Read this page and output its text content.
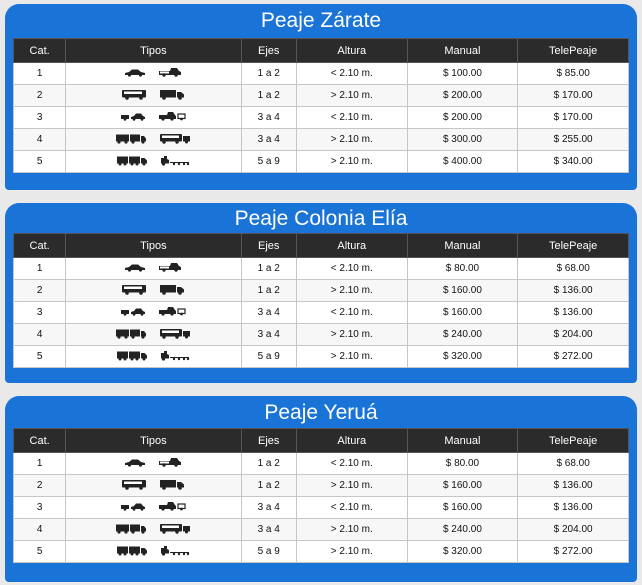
Peaje Zárate
Cat.	Tipos	Ejes	Altura	Manual	TelePeaje
1		1 a 2	< 2.10 m.	$ 100.00	$ 85.00
2		1 a 2	> 2.10 m.	$ 200.00	$ 170.00
3		3 a 4	< 2.10 m.	$ 200.00	$ 170.00
4		3 a 4	> 2.10 m.	$ 300.00	$ 255.00
5		5 a 9	> 2.10 m.	$ 400.00	$ 340.00
Peaje Colonia Elía
Cat.	Tipos	Ejes	Altura	Manual	TelePeaje
1		1 a 2	< 2.10 m.	$ 80.00	$ 68.00
2		1 a 2	> 2.10 m.	$ 160.00	$ 136.00
3		3 a 4	< 2.10 m.	$ 160.00	$ 136.00
4		3 a 4	> 2.10 m.	$ 240.00	$ 204.00
5		5 a 9	> 2.10 m.	$ 320.00	$ 272.00
Peaje Yeruá
Cat.	Tipos	Ejes	Altura	Manual	TelePeaje
1		1 a 2	< 2.10 m.	$ 80.00	$ 68.00
2		1 a 2	> 2.10 m.	$ 160.00	$ 136.00
3		3 a 4	< 2.10 m.	$ 160.00	$ 136.00
4		3 a 4	> 2.10 m.	$ 240.00	$ 204.00
5		5 a 9	> 2.10 m.	$ 320.00	$ 272.00
